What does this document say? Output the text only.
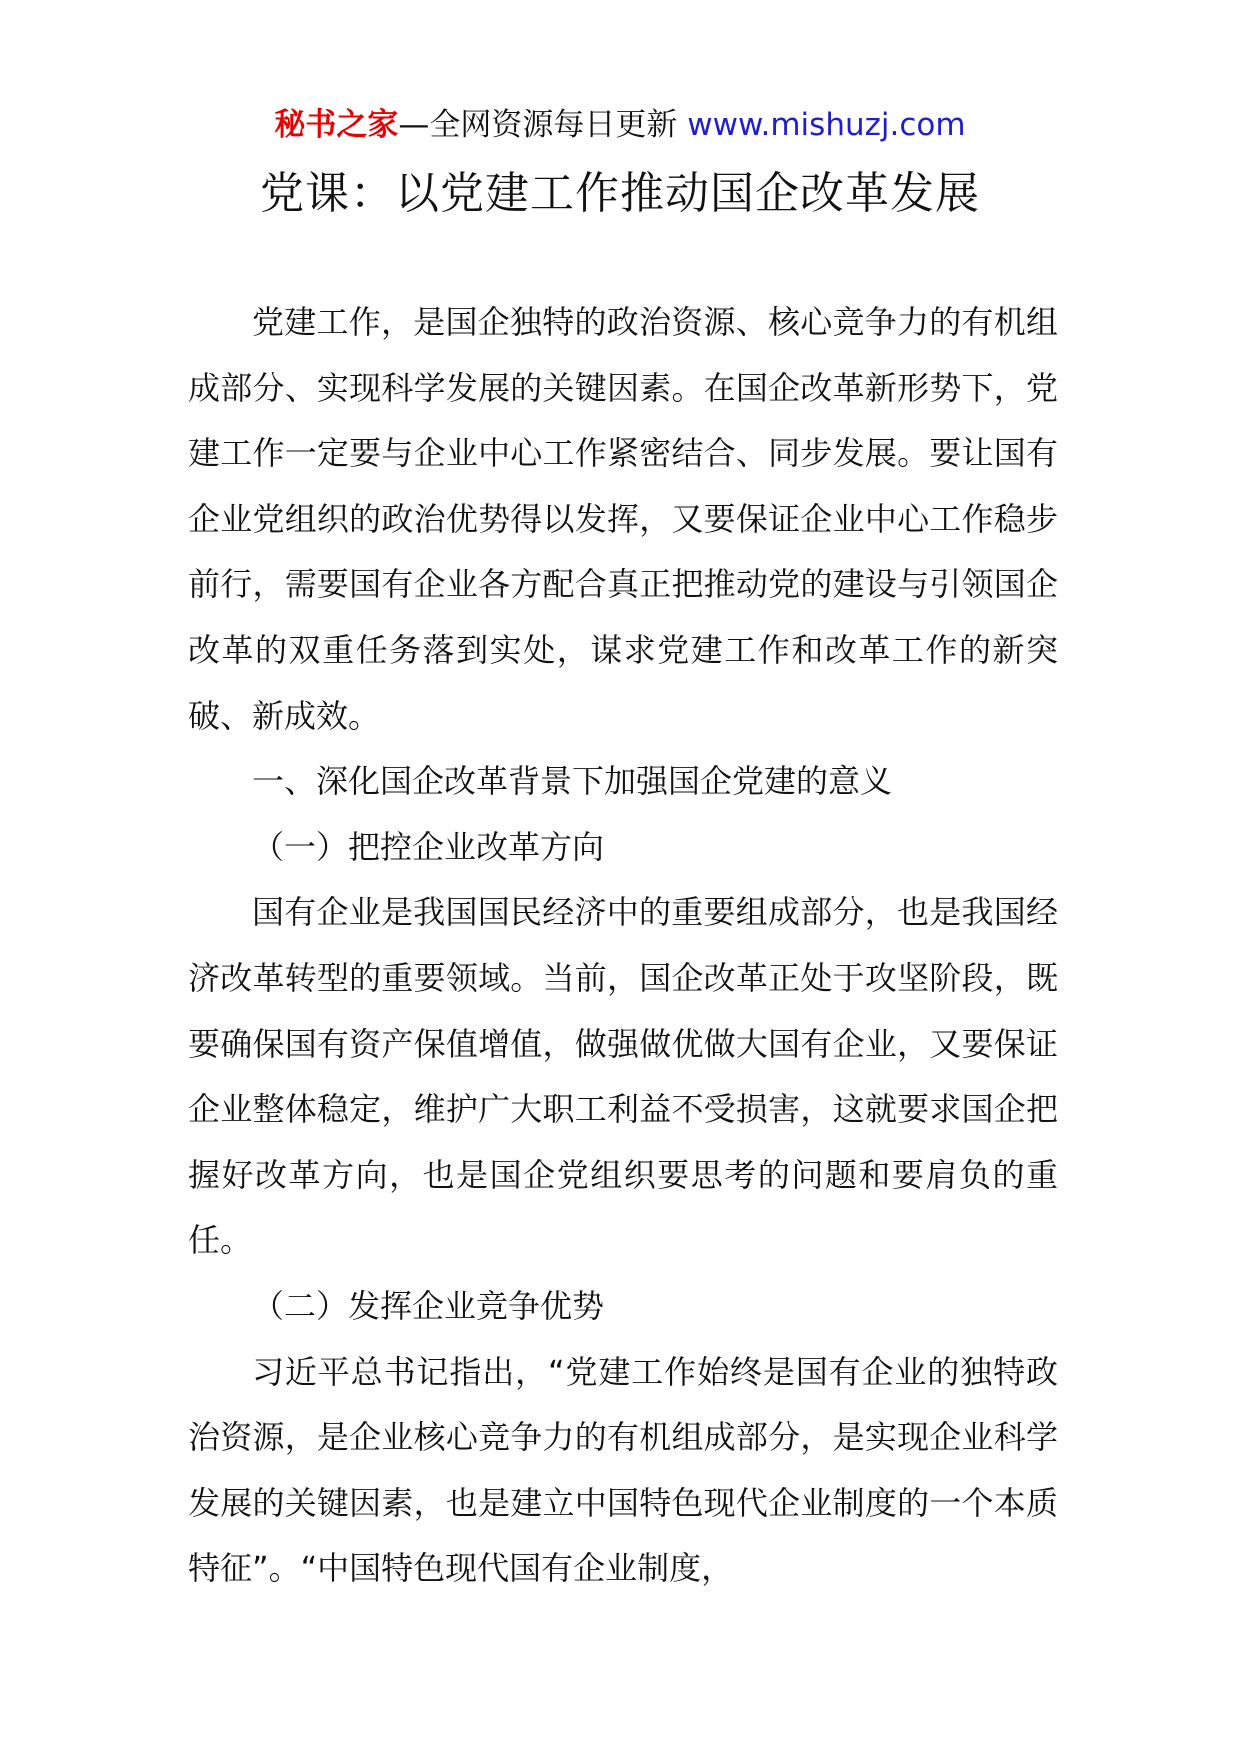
秘书之家—全网资源每日更新 www.mishuzj.com
党课：以党建工作推动国企改革发展

党建工作，是国企独特的政治资源、核心竞争力的有机组成部分、实现科学发展的关键因素。在国企改革新形势下，党建工作一定要与企业中心工作紧密结合、同步发展。要让国有企业党组织的政治优势得以发挥，又要保证企业中心工作稳步前行，需要国有企业各方配合真正把推动党的建设与引领国企改革的双重任务落到实处，谋求党建工作和改革工作的新突破、新成效。

一、深化国企改革背景下加强国企党建的意义

（一）把控企业改革方向

国有企业是我国国民经济中的重要组成部分，也是我国经济改革转型的重要领域。当前，国企改革正处于攻坚阶段，既要确保国有资产保值增值，做强做优做大国有企业，又要保证企业整体稳定，维护广大职工利益不受损害，这就要求国企把握好改革方向，也是国企党组织要思考的问题和要肩负的重任。

（二）发挥企业竞争优势

习近平总书记指出，“党建工作始终是国有企业的独特政治资源，是企业核心竞争力的有机组成部分，是实现企业科学发展的关键因素，也是建立中国特色现代企业制度的一个本质特征”。“中国特色现代国有企业制度，
